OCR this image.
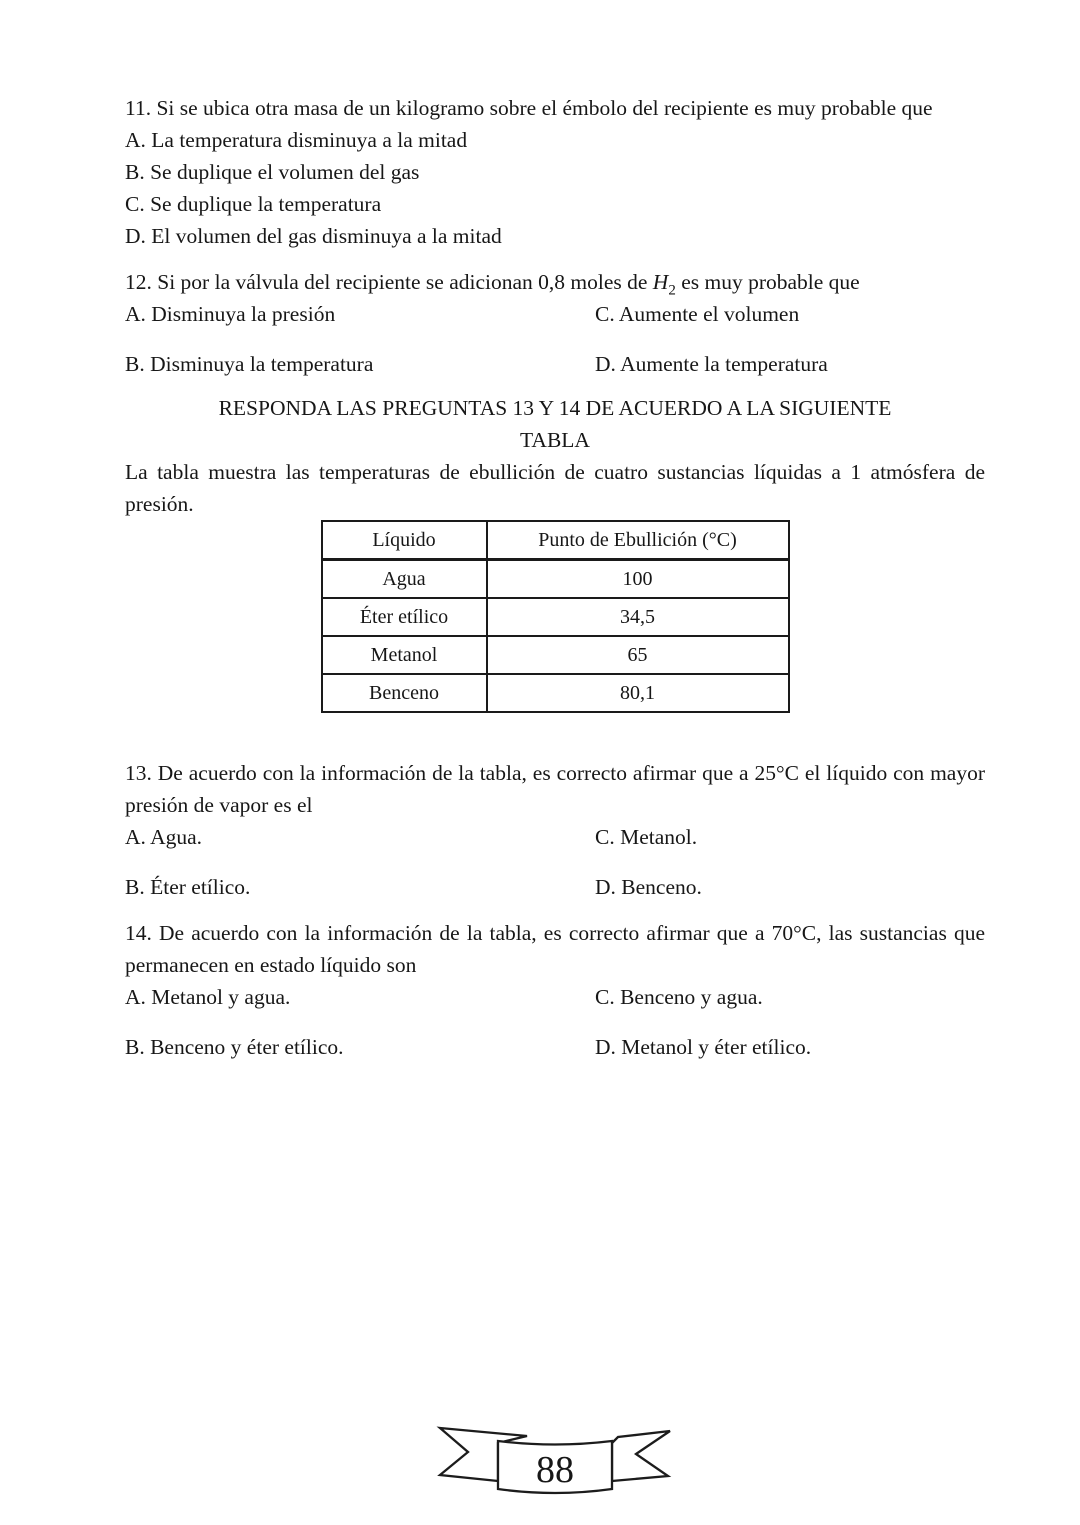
11. Si se ubica otra masa de un kilogramo sobre el émbolo del recipiente es muy probable que

A. La temperatura disminuya a la mitad

B. Se duplique el volumen del gas

C. Se duplique la temperatura

D. El volumen del gas disminuya a la mitad

12. Si por la válvula del recipiente se adicionan 0,8 moles de $H_2$ es muy probable que

A. Disminuya la presión	C. Aumente el volumen

B. Disminuya la temperatura	D. Aumente la temperatura

RESPONDA LAS PREGUNTAS 13 Y 14 DE ACUERDO A LA SIGUIENTE
TABLA

La tabla muestra las temperaturas de ebullición de cuatro sustancias líquidas a 1 atmósfera de presión.

Líquido	Punto de Ebullición (°C)
Agua	100
Éter etílico	34,5
Metanol	65
Benceno	80,1

13. De acuerdo con la información de la tabla, es correcto afirmar que a 25°C el líquido con mayor presión de vapor es el

A. Agua.	C. Metanol.

B. Éter etílico.	D. Benceno.

14. De acuerdo con la información de la tabla, es correcto afirmar que a 70°C, las sustancias que permanecen en estado líquido son

A. Metanol y agua.	C. Benceno y agua.

B. Benceno y éter etílico.	D. Metanol y éter etílico.

88
